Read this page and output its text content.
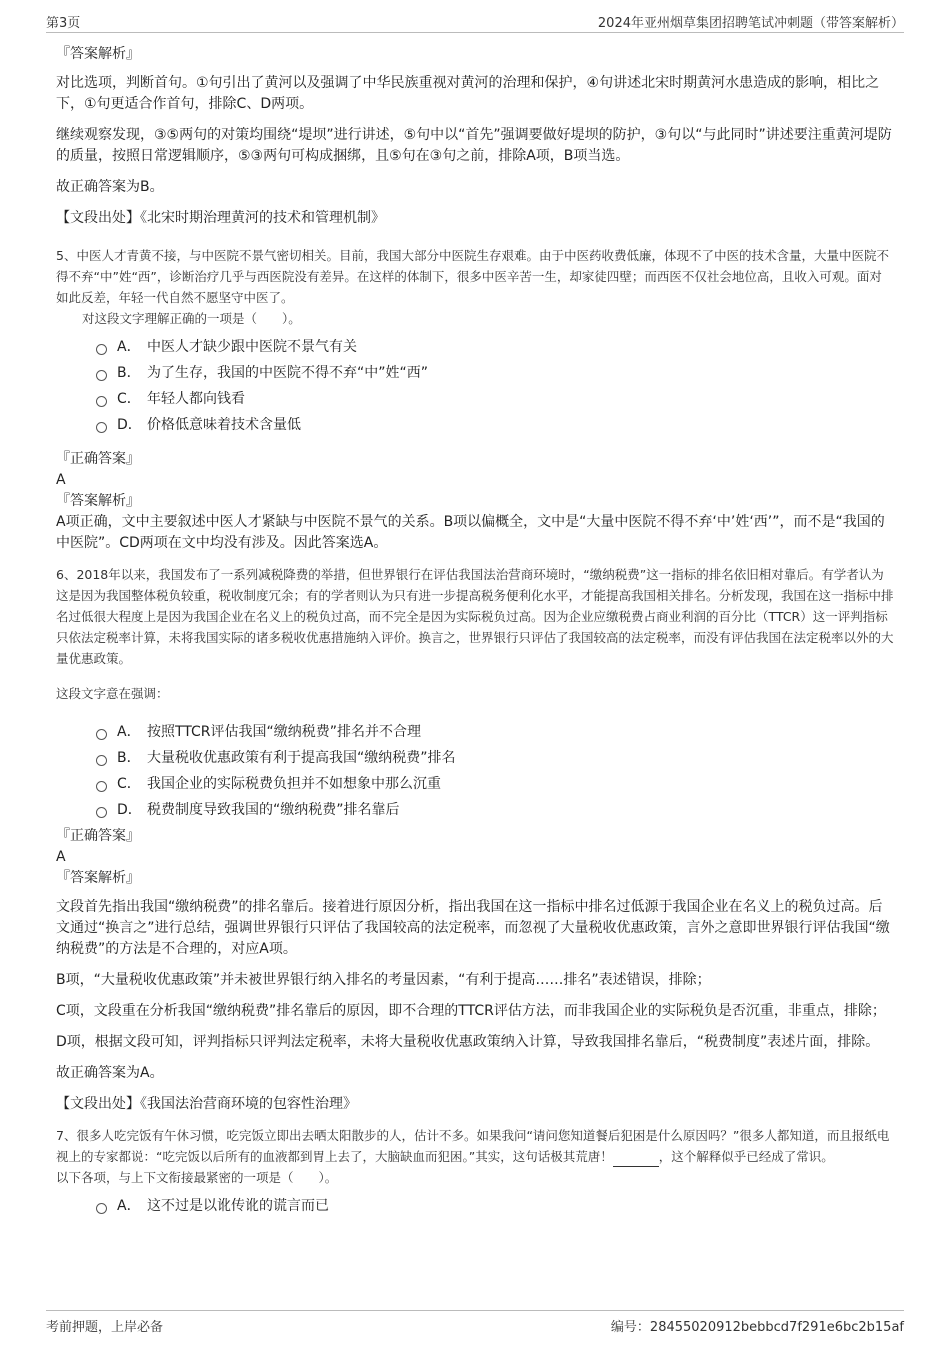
第3页	2024年亚州烟草集团招聘笔试冲刺题（带答案解析）

『答案解析』

对比选项，判断首句。①句引出了黄河以及强调了中华民族重视对黄河的治理和保护，④句讲述北宋时期黄河水患造成的影响，相比之下，①句更适合作首句，排除C、D两项。

继续观察发现，③⑤两句的对策均围绕“堤坝”进行讲述，⑤句中以“首先”强调要做好堤坝的防护，③句以“与此同时”讲述要注重黄河堤防的质量，按照日常逻辑顺序，⑤③两句可构成捆绑，且⑤句在③句之前，排除A项，B项当选。

故正确答案为B。

【文段出处】《北宋时期治理黄河的技术和管理机制》

5、中医人才青黄不接，与中医院不景气密切相关。目前，我国大部分中医院生存艰难。由于中医药收费低廉，体现不了中医的技术含量，大量中医院不得不弃“中”姓“西”，诊断治疗几乎与西医院没有差异。在这样的体制下，很多中医辛苦一生，却家徒四壁；而西医不仅社会地位高，且收入可观。面对如此反差，年轻一代自然不愿坚守中医了。

对这段文字理解正确的一项是（　　）。

A． 中医人才缺少跟中医院不景气有关
B． 为了生存，我国的中医院不得不弃“中”姓“西”
C． 年轻人都向钱看
D． 价格低意味着技术含量低

『正确答案』

A

『答案解析』

A项正确，文中主要叙述中医人才紧缺与中医院不景气的关系。B项以偏概全，文中是“大量中医院不得不弃‘中’姓‘西’”，而不是“我国的中医院”。CD两项在文中均没有涉及。因此答案选A。

6、2018年以来，我国发布了一系列减税降费的举措，但世界银行在评估我国法治营商环境时，“缴纳税费”这一指标的排名依旧相对靠后。有学者认为这是因为我国整体税负较重，税收制度冗余；有的学者则认为只有进一步提高税务便利化水平，才能提高我国相关排名。分析发现，我国在这一指标中排名过低很大程度上是因为我国企业在名义上的税负过高，而不完全是因为实际税负过高。因为企业应缴税费占商业利润的百分比（TTCR）这一评判指标只依法定税率计算，未将我国实际的诸多税收优惠措施纳入评价。换言之，世界银行只评估了我国较高的法定税率，而没有评估我国在法定税率以外的大量优惠政策。

这段文字意在强调：

A． 按照TTCR评估我国“缴纳税费”排名并不合理
B． 大量税收优惠政策有利于提高我国“缴纳税费”排名
C． 我国企业的实际税费负担并不如想象中那么沉重
D． 税费制度导致我国的“缴纳税费”排名靠后

『正确答案』

A

『答案解析』

文段首先指出我国“缴纳税费”的排名靠后。接着进行原因分析，指出我国在这一指标中排名过低源于我国企业在名义上的税负过高。后文通过“换言之”进行总结，强调世界银行只评估了我国较高的法定税率，而忽视了大量税收优惠政策，言外之意即世界银行评估我国“缴纳税费”的方法是不合理的，对应A项。

B项，“大量税收优惠政策”并未被世界银行纳入排名的考量因素，“有利于提高……排名”表述错误，排除；

C项，文段重在分析我国“缴纳税费”排名靠后的原因，即不合理的TTCR评估方法，而非我国企业的实际税负是否沉重，非重点，排除；

D项，根据文段可知，评判指标只评判法定税率，未将大量税收优惠政策纳入计算，导致我国排名靠后，“税费制度”表述片面，排除。

故正确答案为A。

【文段出处】《我国法治营商环境的包容性治理》

7、很多人吃完饭有午休习惯，吃完饭立即出去晒太阳散步的人，估计不多。如果我问“请问您知道餐后犯困是什么原因吗？”很多人都知道，而且报纸电视上的专家都说：“吃完饭以后所有的血液都到胃上去了，大脑缺血而犯困。”其实，这句话极其荒唐！	，这个解释似乎已经成了常识。

以下各项，与上下文衔接最紧密的一项是（　　）。

A． 这不过是以讹传讹的谎言而已
考前押题，上岸必备	编号：28455020912bebbcd7f291e6bc2b15af
